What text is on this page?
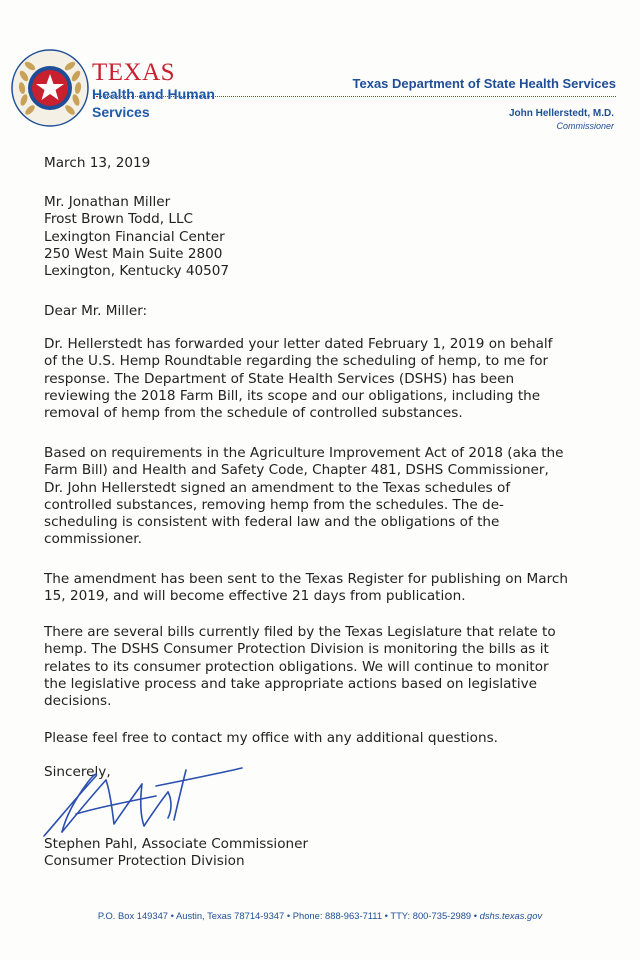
TEXAS
Health and Human
Services
Texas Department of State Health Services
John Hellerstedt, M.D.
Commissioner
March 13, 2019
Mr. Jonathan Miller
Frost Brown Todd, LLC
Lexington Financial Center
250 West Main Suite 2800
Lexington, Kentucky 40507
Dear Mr. Miller:
Dr. Hellerstedt has forwarded your letter dated February 1, 2019 on behalf
of the U.S. Hemp Roundtable regarding the scheduling of hemp, to me for
response. The Department of State Health Services (DSHS) has been
reviewing the 2018 Farm Bill, its scope and our obligations, including the
removal of hemp from the schedule of controlled substances.
Based on requirements in the Agriculture Improvement Act of 2018 (aka the
Farm Bill) and Health and Safety Code, Chapter 481, DSHS Commissioner,
Dr. John Hellerstedt signed an amendment to the Texas schedules of
controlled substances, removing hemp from the schedules. The de-
scheduling is consistent with federal law and the obligations of the
commissioner.
The amendment has been sent to the Texas Register for publishing on March
15, 2019, and will become effective 21 days from publication.
There are several bills currently filed by the Texas Legislature that relate to
hemp. The DSHS Consumer Protection Division is monitoring the bills as it
relates to its consumer protection obligations. We will continue to monitor
the legislative process and take appropriate actions based on legislative
decisions.
Please feel free to contact my office with any additional questions.
Sincerely,
Stephen Pahl, Associate Commissioner
Consumer Protection Division
P.O. Box 149347 • Austin, Texas 78714-9347 • Phone: 888-963-7111 • TTY: 800-735-2989 • dshs.texas.gov
